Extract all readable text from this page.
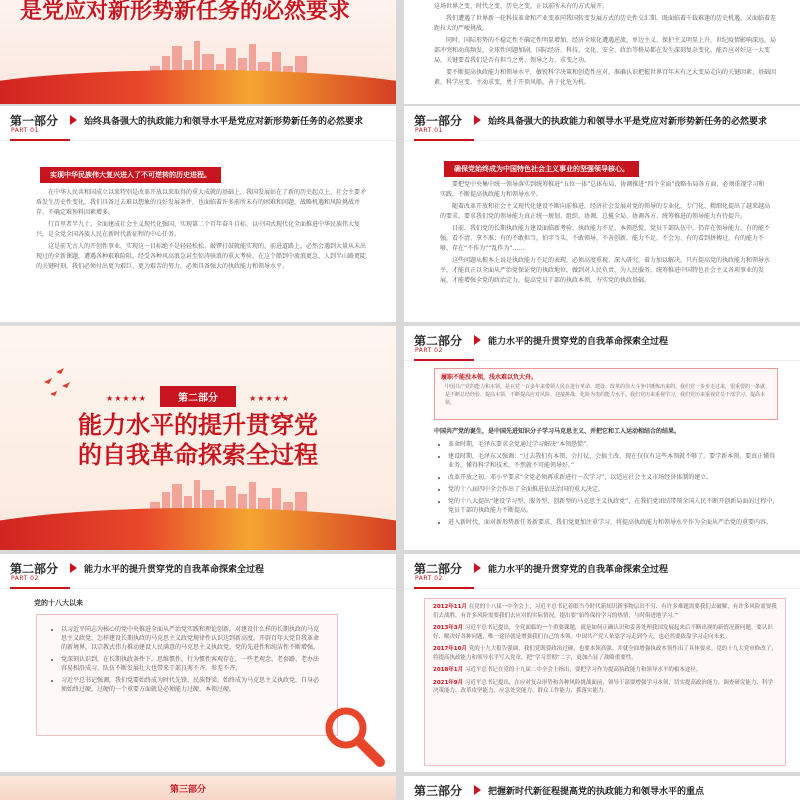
是党应对新形势新任务的必然要求	这场世界之变、时代之变、历史之变，正以前所未有的方式展开。

我们遭遇了世界新一轮科技革命和产业变革同我国转变发展方式的历史性交汇期，既面临着千载难逢的历史机遇，又面临着差距拉大的严峻挑战。

同时，国际形势的不稳定性不确定性明显增加，经济全球化遭遇逆流，单边主义、保护主义明显上升，世纪疫情影响深远，局部冲突和动荡频发，全球性问题加剧，国际经济、科技、文化、安全、政治等格局都在发生深刻复杂变化。能否应对好这一大变局，关键要看我们是否有担当之勇、领导之力、求变之功。

要不断提高执政能力和领导水平，敏锐科学决策和创造性应对，准确认识把握世界百年未有之大变局走向的关键因素、基础因素，科学应变、主动求变，勇于开顶风船，善于化危为机。

第一部分
PART 01
始终具备强大的执政能力和领导水平是党应对新形势新任务的必然要求
实现中华民族伟大复兴进入了不可逆转的历史进程。

在中华人民共和国成立以来特别是改革开放以来取得的重大成就的基础上，我国发展站在了新的历史起点上，社会主要矛盾发生历史性变化，我们具备过去难以想象的良好发展条件，也面临着许多前所未有的困难和问题，战略机遇和风险挑战并存，不确定难预料因素增多。

行百里者半九十。全面建成社会主义现代化强国、实现第二个百年奋斗目标，以中国式现代化全面推进中华民族伟大复兴，是全党全国各族人民在新时代新征程的中心任务。

这是前无古人的开创性事业，实现这一目标绝不是轻轻松松、敲锣打鼓就能实现的，前进道路上，必然会遇到大量从未出现过的全新课题，遭遇各种艰难险阻，经受各种风高浪急甚至惊涛骇浪的重大考验。在这个船到中流浪更急、人到半山路更陡的关键时刻，我们必须付出更为艰巨、更为艰苦的努力，必须具备强大的执政能力和领导水平。

第一部分
PART 01
始终具备强大的执政能力和领导水平是党应对新形势新任务的必然要求
确保党始终成为中国特色社会主义事业的坚强领导核心。

要把党中央集中统一领导落实到统筹推进“五位一体”总体布局、协调推进“四个全面”战略布局各方面，必须重视学习和实践，不断提高执政能力和领导水平。

随着改革开放和社会主义现代化建设不断向前推进，经济社会发展对党的领导的专业化、专门化、精细化提出了越来越高的要求，要求我们党的领导能力真正统一规划、组织、协调，总揽全局、协调各方、统筹推进的领导能力有待提升。

目前，我们党的长期执政能力建设面临新考验，执政能力不足、本领恐慌，党员干部队伍中，仍存在领导能力、有的能不强，看不清、拿不准；有的不敢担当，怕字当头，不敢领导，不善创新，能力不足，不会为、有的看到拼搏过，有的能力不够、存在“不作为”“乱作为”……

这些问题从根本上说是执政能力不足的表现，必须高度重视、深入研究，着力加以解决。只有提高党的执政能力和领导水平，才能真正以全面从严治党保证党的执政地位，做到对人民负责、为人民服务，统筹推进中国特色社会主义各项事业的发展，才能增强全党的政治定力，提高党员干部的执政本领，夯实党的执政基础。

★★★★★	第二部分	★★★★★
能力水平的提升贯穿党
的自我革命探索全过程
第二部分
PART 02
能力水平的提升贯穿党的自我革命探索全过程
履职不能没本领，浅水难以负大舟。
中国共产党的能力和本领，是在党一百多年来带领人民在进行革命、建设、改革的伟大斗争中锤炼出来的。我们党一步步走过来，很重要的一条就是不断总结经验、提高本领，不断提高应对风险、迎接挑战、化险为夷的能力水平。我们党历来重视学习，我们党历来重视党员干部学习、提高本领。
中国共产党的诞生，是中国先进知识分子学习马克思主义、并把它和工人运动相结合的结果。
• 革命时期，毛泽东要求全党通过学习解决“本领恐慌”。
• 建设时期，毛泽东又强调：“过去我们有本领，会打仗，会搞土改，现在仅仅有这些本领就不够了。要学新本领，要真正懂得业务，懂得科学和技术，不然就不可能领导好。”
• 改革开放之初，邓小平要求“全党必须再重新进行一次学习”，以适应社会主义市场经济体制的建立。
• 党的十八届四中全会作出了全面推进依法治国的重大决定。
• 党的十八大提出“建设学习型、服务型、创新型的马克思主义执政党”，在我们党团结带领全国人民不断开创新局面的过程中，党员干部的执政能力不断提高。
• 进入新时代，面对新形势新任务新要求，我们党更加注重学习，将提高执政能力和领导水平作为全面从严治党的重要内容。
第二部分
PART 02
能力水平的提升贯穿党的自我革命探索全过程
党的十八大以来
• 以习近平同志为核心的党中央推进全面从严治党实践和理论创新，对建设什么样的长期执政的马克思主义政党、怎样建设长期执政的马克思主义政党规律性认识达到新高度。开辟百年大党自我革命的新境界，以宗教式伟力推动建设人民满意的马克思主义执政党，党的先进性和纯洁性不断增强。
• 党深刻认识到，在长期执政条件下，思维惯性、行为惯性客观存在，一些老观念、老套路、老办法容易相沿成习，队伍不断发展壮大也带来干部良莠不齐、参差不齐。
• 习近平总书记强调，我们党要始终成为时代先锋、民族脊梁，始终成为马克思主义执政党，自身必须始终过硬，过硬的一个重要方面就是必须能力过硬、本领过硬。
第二部分
PART 02
能力水平的提升贯穿党的自我革命探索全过程
2012年11月 在党的十八届一中全会上，习近平总书记着眼当今时代新知识新事物层出不穷、有许多难题需要我们去破解，有许多风险需要我们去战胜，有许多风险需要我们去应对的实际情况，提出要“始终保持学习的热情，与时俱进地学习。”
2013年3月 习近平总书记提出，全党面临的一个重要课题，就是如何正确认识和妥善处理我国发展起来后不断出现的新情况新问题。要认识好、解决好各种问题，唯一途径就是增强我们自己的本领。中国共产党人依靠学习走到今天，也必然要依靠学习走向未来。
2017年10月 党的十九大报告强调，我们党既要政治过硬，也要本领高强。并就全面增强执政本领作出了具体要求。党的十九大党章修改了，将提高执政能力和领导水平写入党章，把“学习贯彻”二字，更加凸显了战略重要性。
2018年1月 习近平总书记在党的十九届二中全会上指出，要把学习作为提高执政能力和领导水平的根本途径。
2021年9月 习近平总书记提出，在应对复杂形势和各种风险挑战面前，领导干部要增强学习本领，切实提高政治能力、调查研究能力、科学决策能力、改革攻坚能力、应急处突能力、群众工作能力、抓落实能力。
第三部分	第三部分	把握新时代新征程提高党的执政能力和领导水平的重点
